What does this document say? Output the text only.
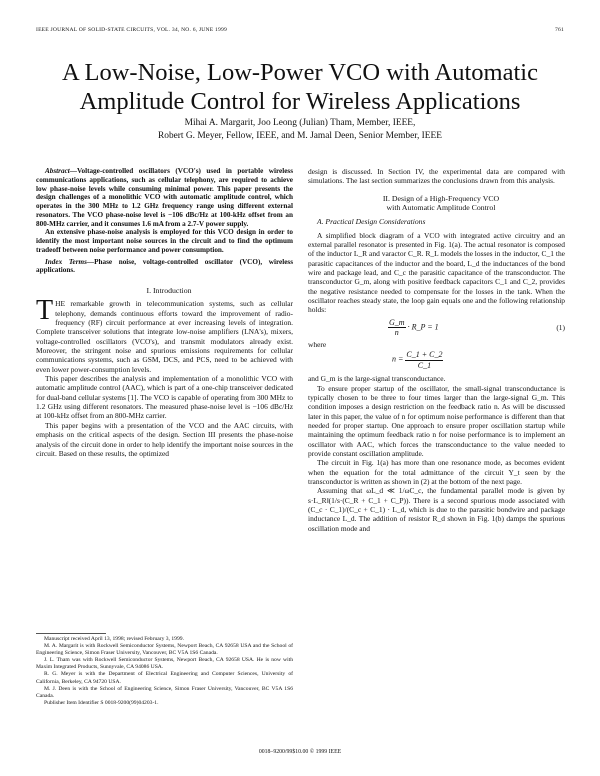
IEEE JOURNAL OF SOLID-STATE CIRCUITS, VOL. 34, NO. 6, JUNE 1999	761
A Low-Noise, Low-Power VCO with Automatic
Amplitude Control for Wireless Applications
Mihai A. Margarit, Joo Leong (Julian) Tham, Member, IEEE,
Robert G. Meyer, Fellow, IEEE, and M. Jamal Deen, Senior Member, IEEE

Abstract—Voltage-controlled oscillators (VCO's) used in portable wireless communications applications, such as cellular telephony, are required to achieve low phase-noise levels while consuming minimal power. This paper presents the design challenges of a monolithic VCO with automatic amplitude control, which operates in the 300 MHz to 1.2 GHz frequency range using different external resonators. The VCO phase-noise level is −106 dBc/Hz at 100-kHz offset from an 800-MHz carrier, and it consumes 1.6 mA from a 2.7-V power supply.

An extensive phase-noise analysis is employed for this VCO design in order to identify the most important noise sources in the circuit and to find the optimum tradeoff between noise performance and power consumption.

Index Terms—Phase noise, voltage-controlled oscillator (VCO), wireless applications.

I. Introduction

THE remarkable growth in telecommunication systems, such as cellular telephony, demands continuous efforts toward the improvement of radio-frequency (RF) circuit performance at ever increasing levels of integration. Complete transceiver solutions that integrate low-noise amplifiers (LNA's), mixers, voltage-controlled oscillators (VCO's), and transmit modulators already exist. Moreover, the stringent noise and spurious emissions requirements for cellular communications systems, such as GSM, DCS, and PCS, need to be achieved with even lower power-consumption levels.

This paper describes the analysis and implementation of a monolithic VCO with automatic amplitude control (AAC), which is part of a one-chip transceiver dedicated for dual-band cellular systems [1]. The VCO is capable of operating from 300 MHz to 1.2 GHz using different resonators. The measured phase-noise level is −106 dBc/Hz at 100-kHz offset from an 800-MHz carrier.

This paper begins with a presentation of the VCO and the AAC circuits, with emphasis on the critical aspects of the design. Section III presents the phase-noise analysis of the circuit done in order to help identify the important noise sources in the circuit. Based on these results, the optimized

Manuscript received April 13, 1998; revised February 3, 1999.

M. A. Margarit is with Rockwell Semiconductor Systems, Newport Beach, CA 92658 USA and the School of Engineering Science, Simon Fraser University, Vancouver, BC V5A 1S6 Canada.

J. L. Tham was with Rockwell Semiconductor Systems, Newport Beach, CA 92658 USA. He is now with Maxim Integrated Products, Sunnyvale, CA 94086 USA.

R. G. Meyer is with the Department of Electrical Engineering and Computer Sciences, University of California, Berkeley, CA 94720 USA.

M. J. Deen is with the School of Engineering Science, Simon Fraser University, Vancouver, BC V5A 1S6 Canada.

Publisher Item Identifier S 0018-9200(99)04203-1.

design is discussed. In Section IV, the experimental data are compared with simulations. The last section summarizes the conclusions drawn from this analysis.

II. Design of a High-Frequency VCO

with Automatic Amplitude Control

A. Practical Design Considerations

A simplified block diagram of a VCO with integrated active circuitry and an external parallel resonator is presented in Fig. 1(a). The actual resonator is composed of the inductor L_R and varactor C_R. R_L models the losses in the inductor, C_1 the parasitic capacitances of the inductor and the board, L_d the inductances of the bond wire and package lead, and C_c the parasitic capacitance of the transconductor. The transconductor G_m, along with positive feedback capacitors C_1 and C_2, provides the negative resistance needed to compensate for the losses in the tank. When the oscillator reaches steady state, the loop gain equals one and the following relationship holds:

$\frac{G\_m}{n}$ · R_P = 1	(1)

where

$n = \frac{C\_1 + C\_2}{C\_1}$

and G_m is the large-signal transconductance.

To ensure proper startup of the oscillator, the small-signal transconductance is typically chosen to be three to four times larger than the large-signal G_m. This condition imposes a design restriction on the feedback ratio n. As will be discussed later in this paper, the value of n for optimum noise performance is different than that needed for proper startup. One approach to ensure proper oscillation startup while maintaining the optimum feedback ratio n for noise performance is to implement an oscillator with AAC, which forces the transconductance to the value needed to provide constant oscillation amplitude.

The circuit in Fig. 1(a) has more than one resonance mode, as becomes evident when the equation for the total admittance of the circuit Y_t seen by the transconductor is written as shown in (2) at the bottom of the next page.

Assuming that ωL_d ≪ 1/ωC_c, the fundamental parallel mode is given by s·L_R‖(1/s·(C_R + C_1 + C_P)). There is a second spurious mode associated with (C_c · C_1)/(C_c + C_1) · L_d, which is due to the parasitic bondwire and package inductance L_d. The addition of resistor R_d shown in Fig. 1(b) damps the spurious oscillation mode and

0018–9200/99$10.00 © 1999 IEEE
